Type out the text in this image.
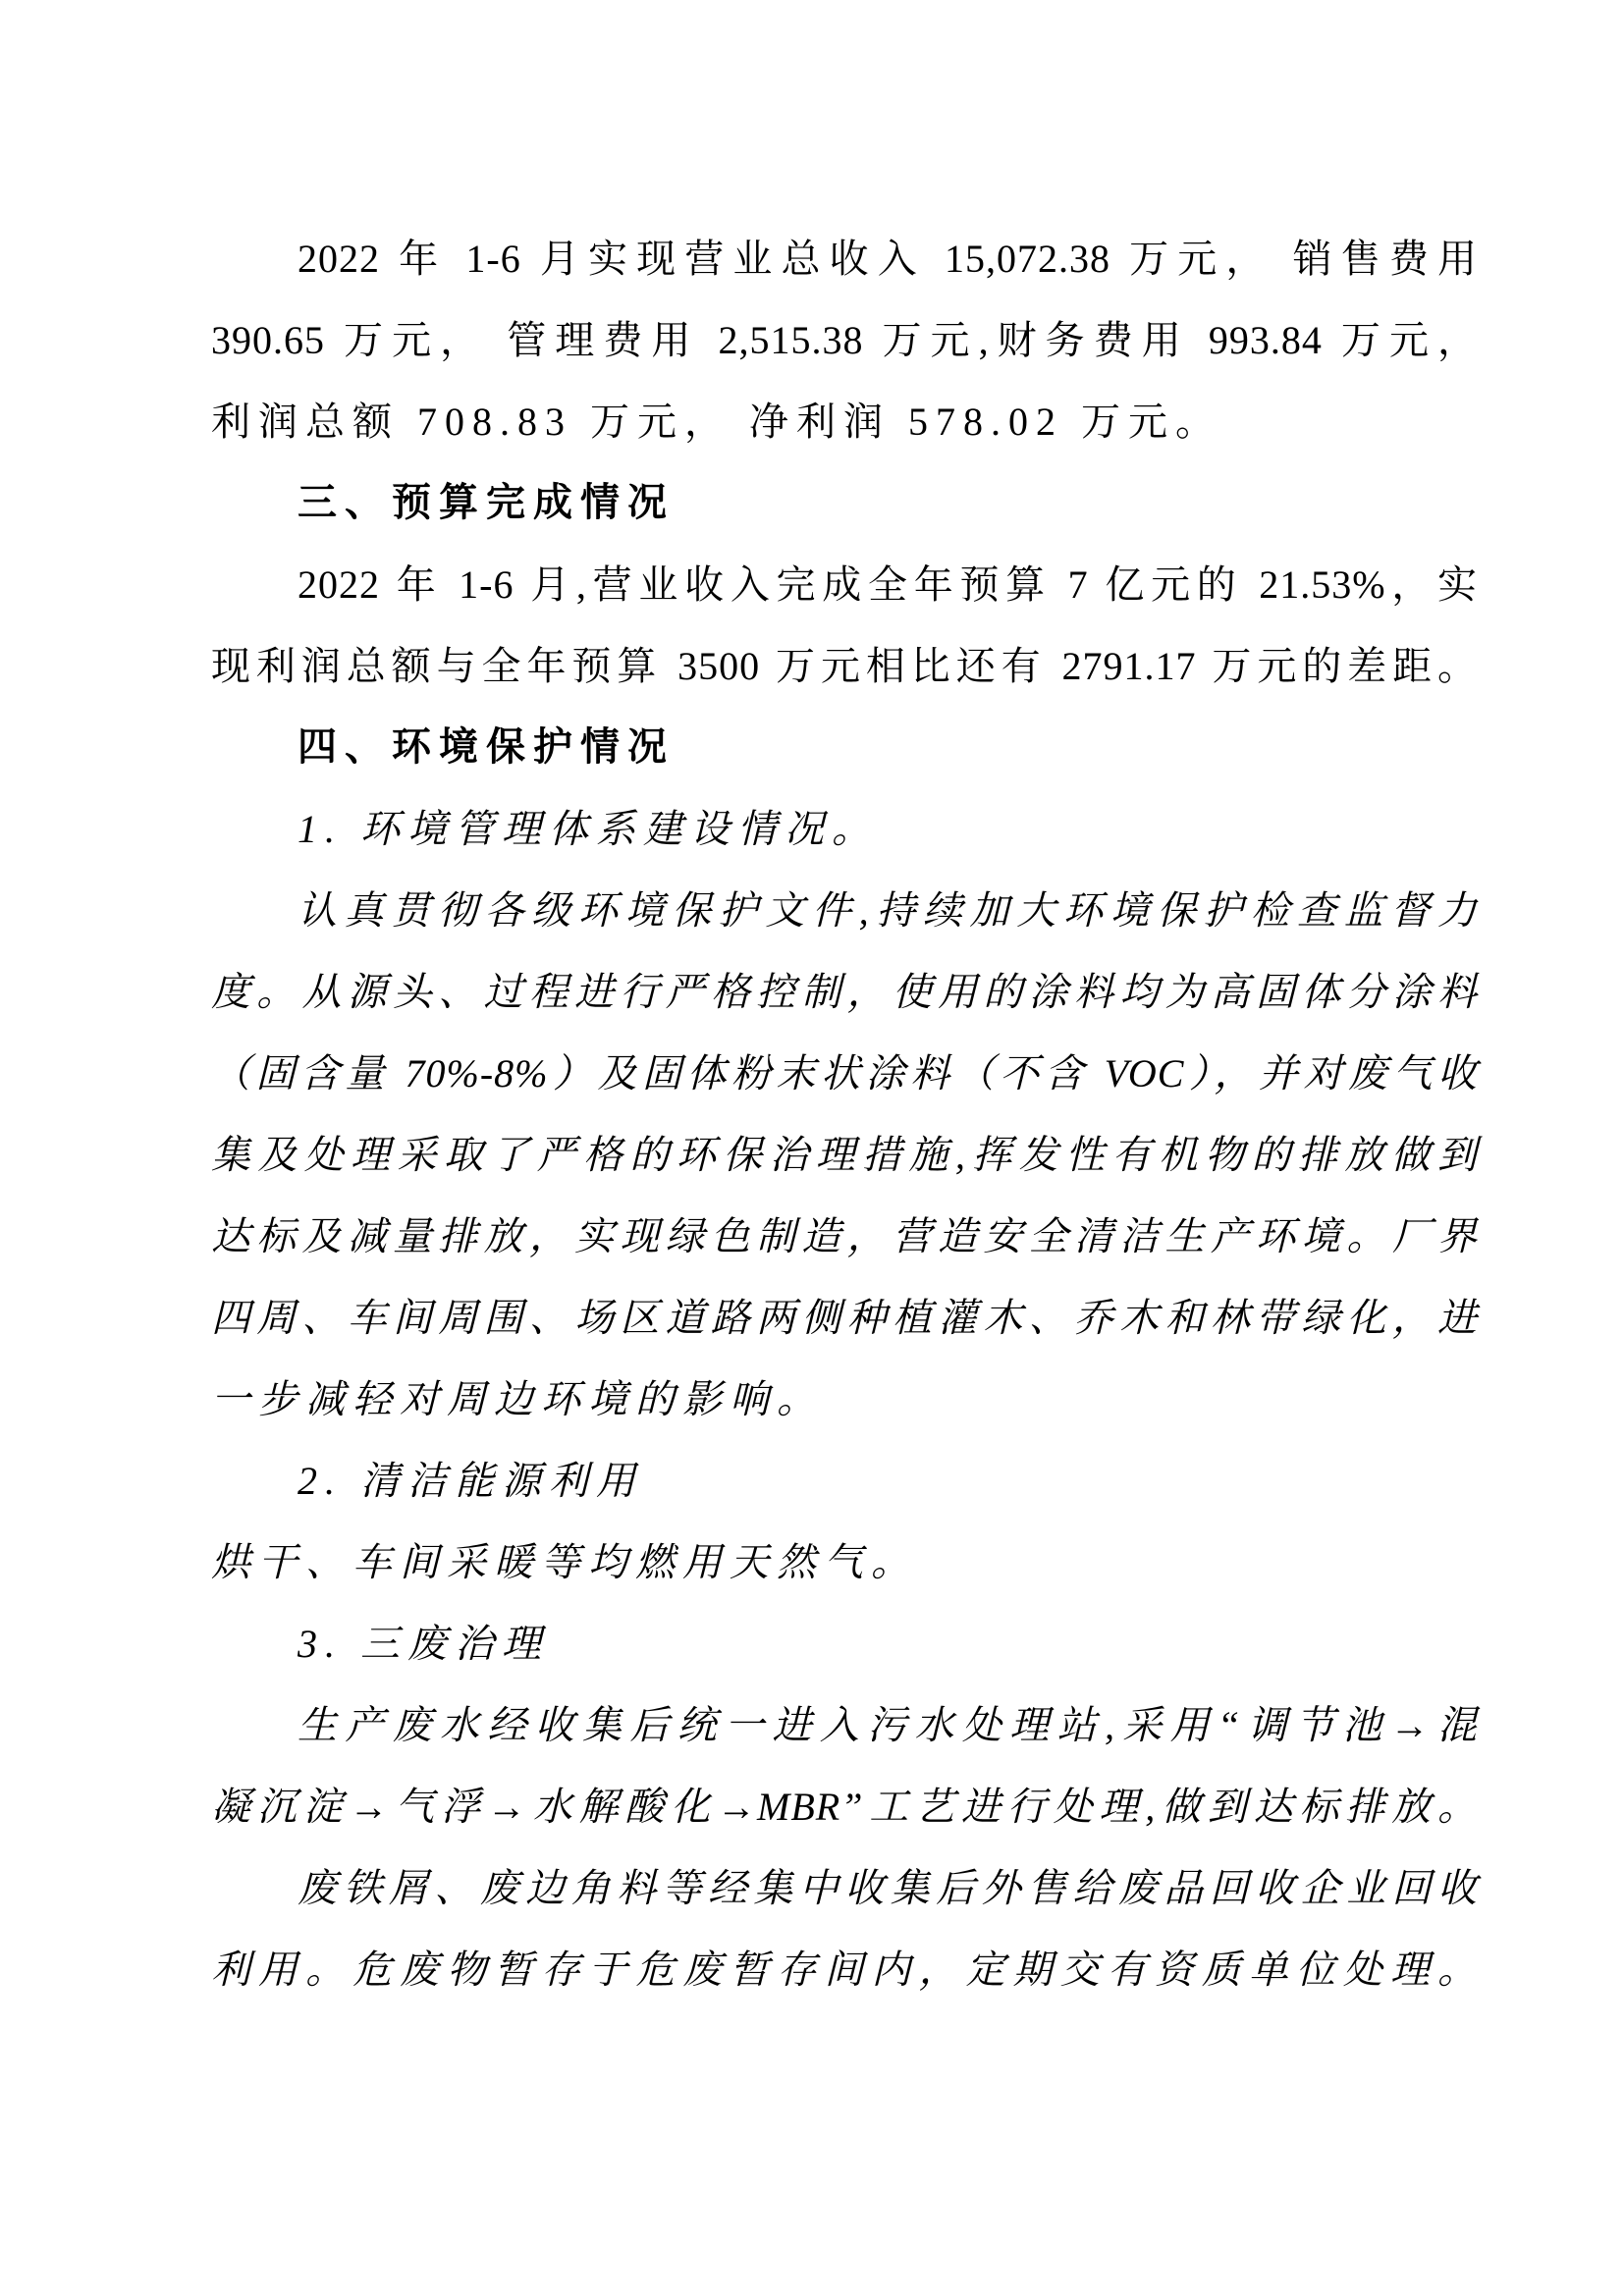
2022 年 1-6 月实现营业总收入 15,072.38 万元， 销售费用
390.65 万元， 管理费用 2,515.38 万元,财务费用 993.84 万元，
利润总额 708.83 万元， 净利润 578.02 万元。
三、预算完成情况
2022 年 1-6 月,营业收入完成全年预算 7 亿元的 21.53%，实
现利润总额与全年预算 3500 万元相比还有 2791.17 万元的差距。
四、环境保护情况
1. 环境管理体系建设情况。
认真贯彻各级环境保护文件,持续加大环境保护检查监督力
度。从源头、过程进行严格控制，使用的涂料均为高固体分涂料
（固含量 70%-8%）及固体粉末状涂料（不含 VOC），并对废气收
集及处理采取了严格的环保治理措施,挥发性有机物的排放做到
达标及减量排放，实现绿色制造，营造安全清洁生产环境。厂界
四周、车间周围、场区道路两侧种植灌木、乔木和林带绿化，进
一步减轻对周边环境的影响。
2. 清洁能源利用
烘干、车间采暖等均燃用天然气。
3. 三废治理
生产废水经收集后统一进入污水处理站,采用“调节池→混
凝沉淀→气浮→水解酸化→MBR”工艺进行处理,做到达标排放。
废铁屑、废边角料等经集中收集后外售给废品回收企业回收
利用。危废物暂存于危废暂存间内，定期交有资质单位处理。
